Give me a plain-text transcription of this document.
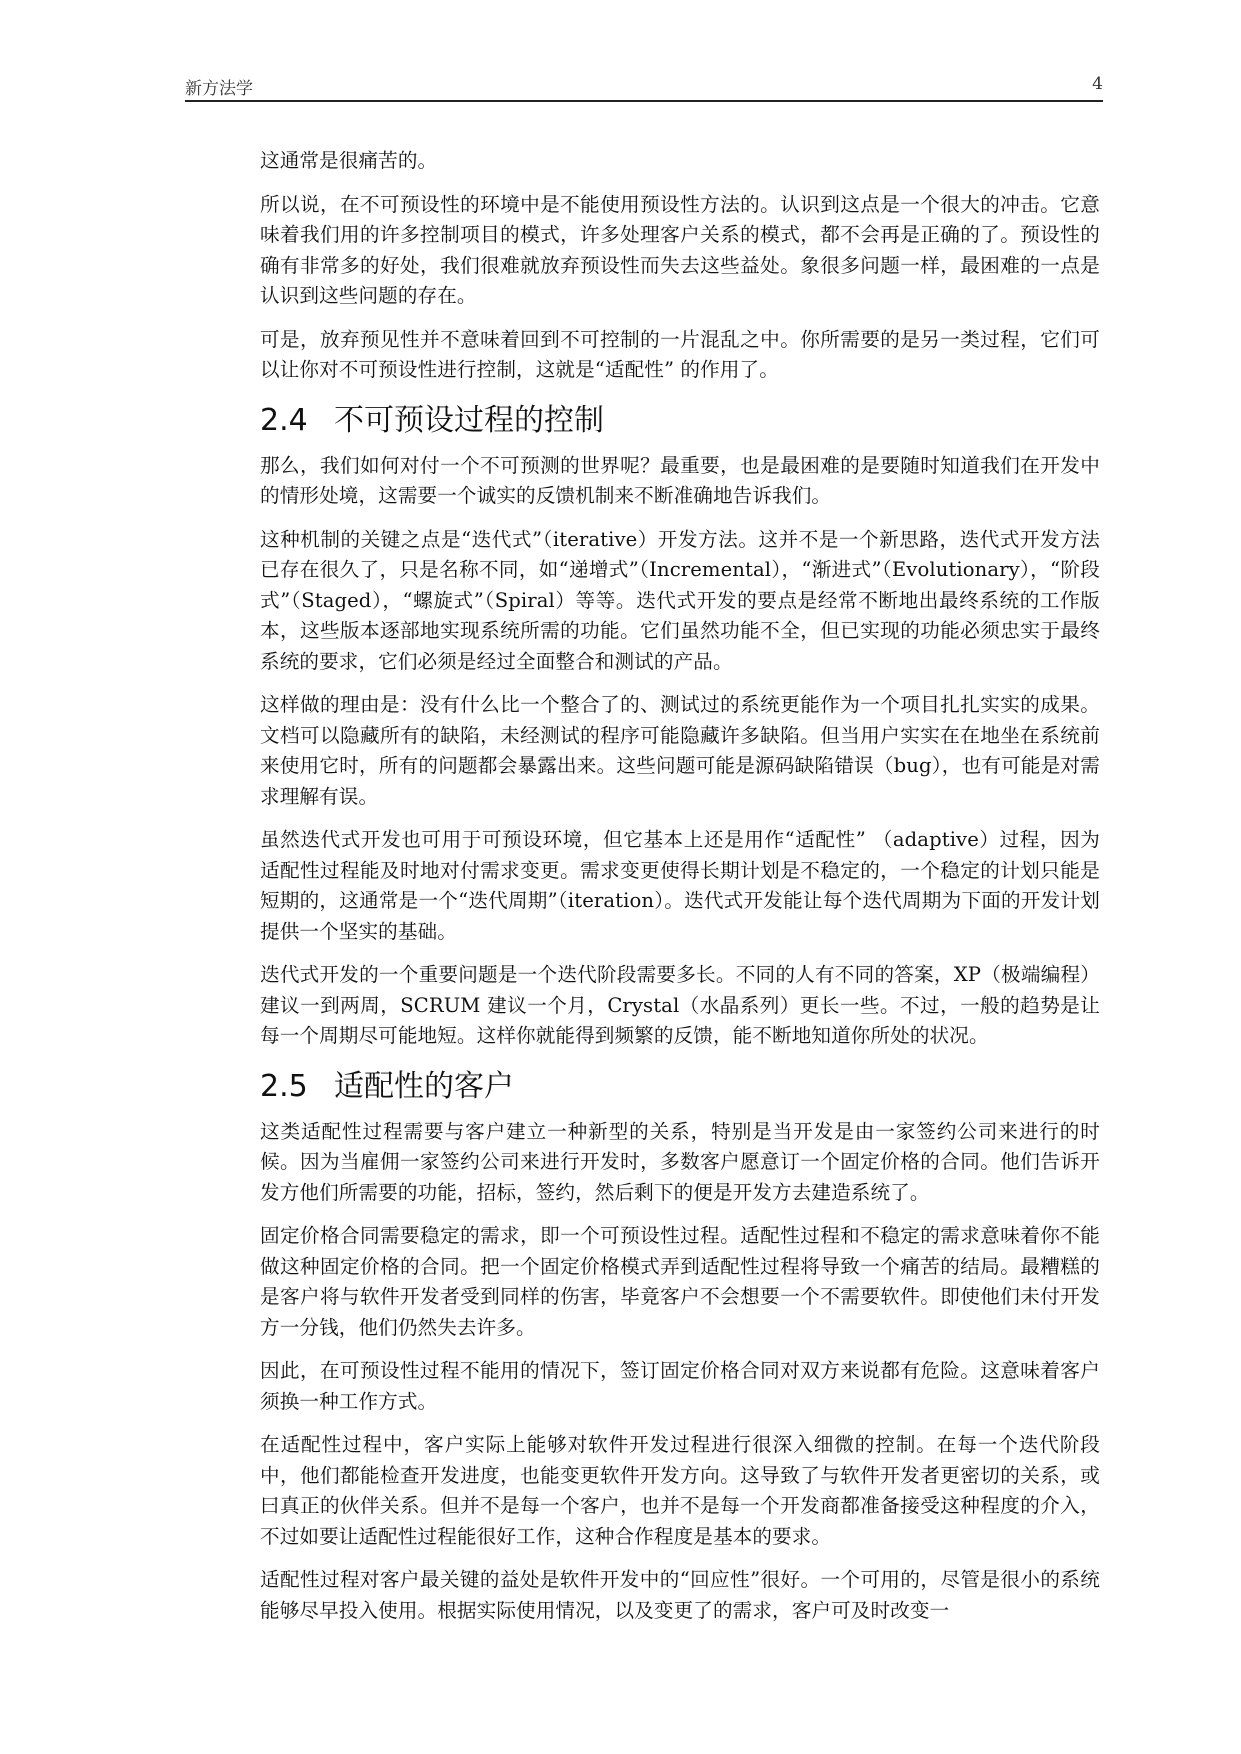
新方法学	4

这通常是很痛苦的。

所以说，在不可预设性的环境中是不能使用预设性方法的。认识到这点是一个很大的冲击。它意味着我们用的许多控制项目的模式，许多处理客户关系的模式，都不会再是正确的了。预设性的确有非常多的好处，我们很难就放弃预设性而失去这些益处。象很多问题一样，最困难的一点是认识到这些问题的存在。

可是，放弃预见性并不意味着回到不可控制的一片混乱之中。你所需要的是另一类过程，它们可以让你对不可预设性进行控制，这就是“适配性” 的作用了。

2.4 不可预设过程的控制

那么，我们如何对付一个不可预测的世界呢？最重要，也是最困难的是要随时知道我们在开发中的情形处境，这需要一个诚实的反馈机制来不断准确地告诉我们。

这种机制的关键之点是“迭代式”（iterative）开发方法。这并不是一个新思路，迭代式开发方法已存在很久了，只是名称不同，如“递增式”（Incremental），“渐进式”（Evolutionary），“阶段式”（Staged），“螺旋式”（Spiral）等等。迭代式开发的要点是经常不断地出最终系统的工作版本，这些版本逐部地实现系统所需的功能。它们虽然功能不全，但已实现的功能必须忠实于最终系统的要求，它们必须是经过全面整合和测试的产品。

这样做的理由是：没有什么比一个整合了的、测试过的系统更能作为一个项目扎扎实实的成果。文档可以隐藏所有的缺陷，未经测试的程序可能隐藏许多缺陷。但当用户实实在在地坐在系统前来使用它时，所有的问题都会暴露出来。这些问题可能是源码缺陷错误（bug），也有可能是对需求理解有误。

虽然迭代式开发也可用于可预设环境，但它基本上还是用作“适配性” （adaptive）过程，因为适配性过程能及时地对付需求变更。需求变更使得长期计划是不稳定的，一个稳定的计划只能是短期的，这通常是一个“迭代周期”（iteration）。迭代式开发能让每个迭代周期为下面的开发计划提供一个坚实的基础。

迭代式开发的一个重要问题是一个迭代阶段需要多长。不同的人有不同的答案，XP（极端编程）建议一到两周，SCRUM 建议一个月，Crystal（水晶系列）更长一些。不过，一般的趋势是让每一个周期尽可能地短。这样你就能得到频繁的反馈，能不断地知道你所处的状况。

2.5 适配性的客户

这类适配性过程需要与客户建立一种新型的关系，特别是当开发是由一家签约公司来进行的时候。因为当雇佣一家签约公司来进行开发时，多数客户愿意订一个固定价格的合同。他们告诉开发方他们所需要的功能，招标，签约，然后剩下的便是开发方去建造系统了。

固定价格合同需要稳定的需求，即一个可预设性过程。适配性过程和不稳定的需求意味着你不能做这种固定价格的合同。把一个固定价格模式弄到适配性过程将导致一个痛苦的结局。最糟糕的是客户将与软件开发者受到同样的伤害，毕竟客户不会想要一个不需要软件。即使他们未付开发方一分钱，他们仍然失去许多。

因此，在可预设性过程不能用的情况下，签订固定价格合同对双方来说都有危险。这意味着客户须换一种工作方式。

在适配性过程中，客户实际上能够对软件开发过程进行很深入细微的控制。在每一个迭代阶段中，他们都能检查开发进度，也能变更软件开发方向。这导致了与软件开发者更密切的关系，或曰真正的伙伴关系。但并不是每一个客户，也并不是每一个开发商都准备接受这种程度的介入，不过如要让适配性过程能很好工作，这种合作程度是基本的要求。

适配性过程对客户最关键的益处是软件开发中的“回应性”很好。一个可用的，尽管是很小的系统能够尽早投入使用。根据实际使用情况，以及变更了的需求，客户可及时改变一
